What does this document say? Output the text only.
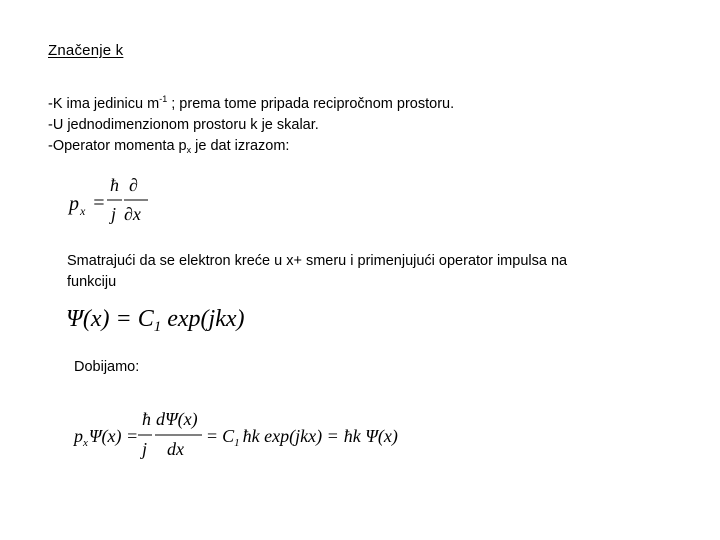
Značenje k
-K ima jedinicu $m^{-1}$ ; prema tome pripada recipročnom prostoru.
-U jednodimenzionom prostoru k je skalar.
-Operator momenta $p_x$ je dat izrazom:
p x =
ħ
j
∂
∂x
Smatrajući da se elektron kreće u x+ smeru i primenjujući operator impulsa na funkciju
$\Psi(x) = C_1$ exp(jkx)
Dobijamo:
$p_x\Psi(x)$ =
ħ
j
dΨ(x)
dx
= $C_1$ ħk exp(jkx) = ħk Ψ(x)
